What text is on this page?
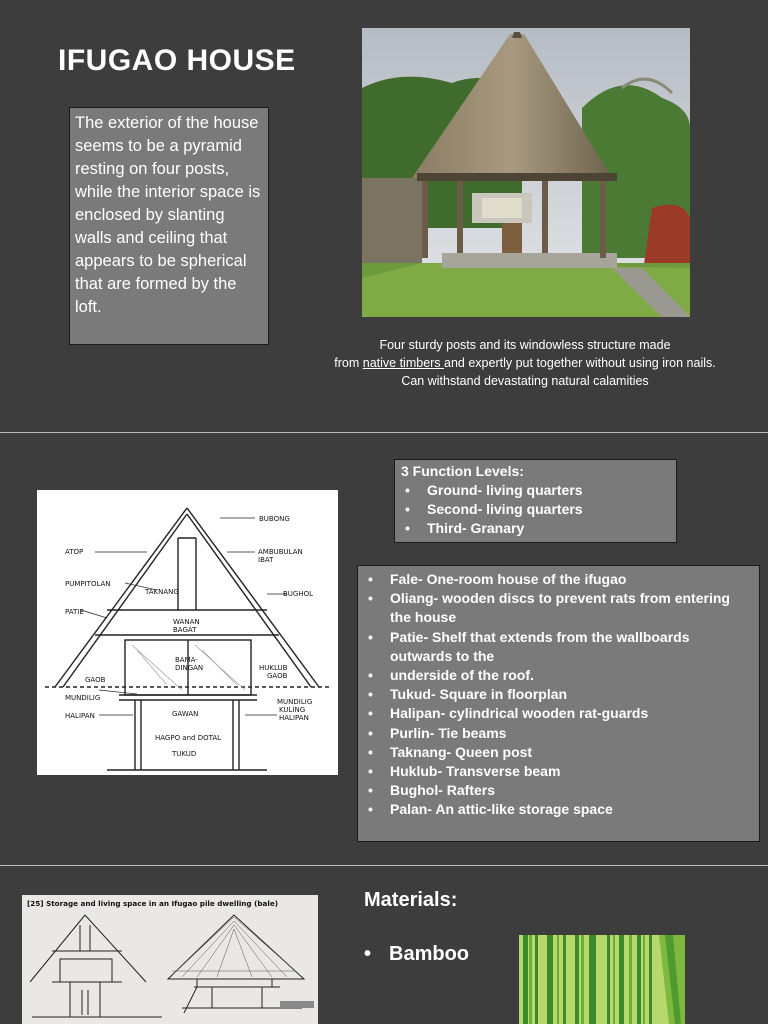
IFUGAO HOUSE
The exterior of the house seems to be a pyramid resting on four posts, while the interior space is enclosed by slanting walls and ceiling that appears to be spherical that are formed by the loft.
Four sturdy posts and its windowless structure made
from native timbers and expertly put together without using iron nails.
Can withstand devastating natural calamities
BUBONG
ATOP	AMBUBULAN
IBAT
PUMPITOLAN
TAKNANG	BUGHOL
PATIE
WANAN
BAGAT
GAOB
BAMA-
DINGAN	HUKLUB
GAOB
MUNDILIG	MUNDILIG
KULING
HALIPAN	HALIPAN
GAWAN
HAGPO and DOTAL
TUKUD
3 Function Levels:
• Ground- living quarters
• Second- living quarters
• Third- Granary
• Fale- One-room house of the ifugao
• Oliang- wooden discs to prevent rats from entering the house
• Patie- Shelf that extends from the wallboards outwards to the
• underside of the roof.
• Tukud- Square in floorplan
• Halipan- cylindrical wooden rat-guards
• Purlin- Tie beams
• Taknang- Queen post
• Huklub- Transverse beam
• Bughol- Rafters
• Palan- An attic-like storage space
[25] Storage and living space in an Ifugao pile dwelling (bale)	Materials:
• Bamboo
